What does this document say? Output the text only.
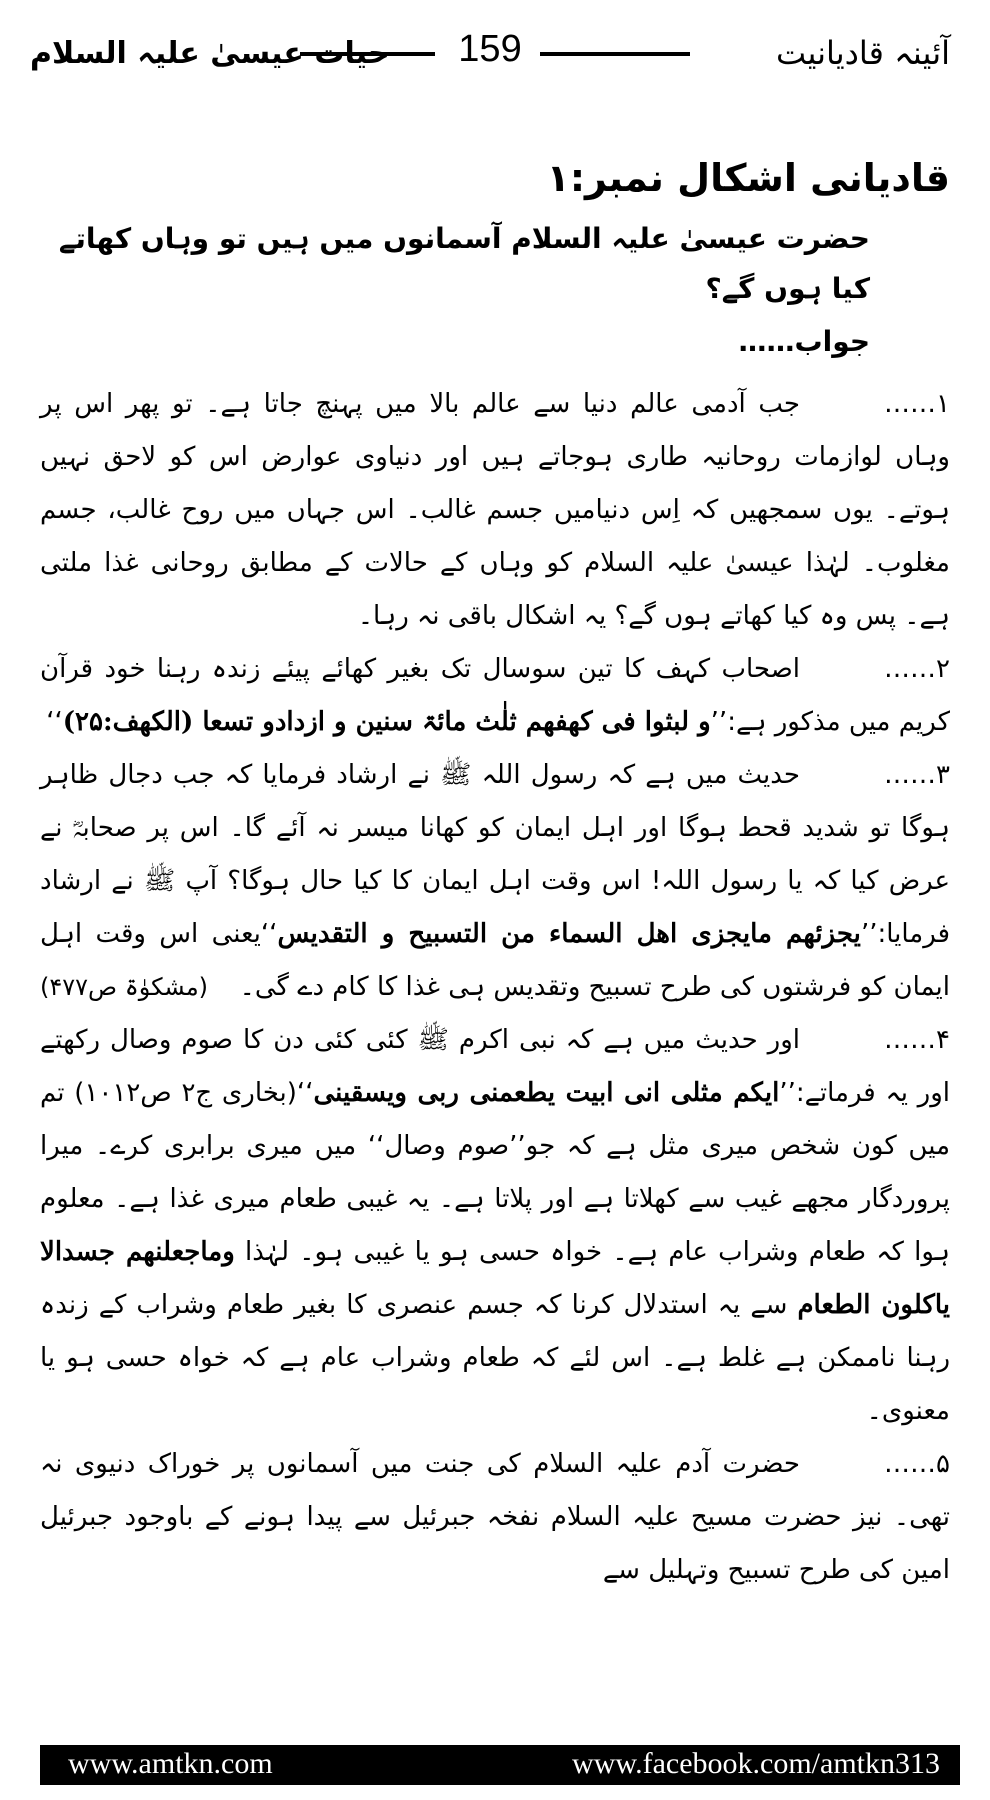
آئینہ قادیانیت
159
حیات عیسیٰ علیہ السلام
قادیانی اشکال نمبر:۱
حضرت عیسیٰ علیہ السلام آسمانوں میں ہیں تو وہاں کھاتے کیا ہوں گے؟
جواب……

۱……جب آدمی عالم دنیا سے عالم بالا میں پہنچ جاتا ہے۔ تو پھر اس پر وہاں لوازمات روحانیہ طاری ہوجاتے ہیں اور دنیاوی عوارض اس کو لاحق نہیں ہوتے۔ یوں سمجھیں کہ اِس دنیامیں جسم غالب۔ اس جہاں میں روح غالب، جسم مغلوب۔ لہٰذا عیسیٰ علیہ السلام کو وہاں کے حالات کے مطابق روحانی غذا ملتی ہے۔ پس وہ کیا کھاتے ہوں گے؟ یہ اشکال باقی نہ رہا۔

۲……اصحاب کہف کا تین سوسال تک بغیر کھائے پیئے زندہ رہنا خود قرآن کریم میں مذکور ہے:’’و لبثوا فی کھفھم ثلٰث مائۃ سنین و ازدادو تسعا (الکھف:۲۵)‘‘

۳……حدیث میں ہے کہ رسول اللہ ﷺ نے ارشاد فرمایا کہ جب دجال ظاہر ہوگا تو شدید قحط ہوگا اور اہل ایمان کو کھانا میسر نہ آئے گا۔ اس پر صحابہؓ نے عرض کیا کہ یا رسول اللہ! اس وقت اہل ایمان کا کیا حال ہوگا؟ آپ ﷺ نے ارشاد فرمایا:’’یجزئھم مایجزی اھل السماء من التسبیح و التقدیس‘‘یعنی اس وقت اہل ایمان کو فرشتوں کی طرح تسبیح وتقدیس ہی غذا کا کام دے گی۔
(مشکوٰۃ ص۴۷۷)

۴……اور حدیث میں ہے کہ نبی اکرم ﷺ کئی کئی دن کا صوم وصال رکھتے اور یہ فرماتے:’’ایکم مثلی انی ابیت یطعمنی ربی ویسقینی‘‘(بخاری ج۲ ص۱۰۱۲) تم میں کون شخص میری مثل ہے کہ جو’’صوم وصال‘‘ میں میری برابری کرے۔ میرا پروردگار مجھے غیب سے کھلاتا ہے اور پلاتا ہے۔ یہ غیبی طعام میری غذا ہے۔ معلوم ہوا کہ طعام وشراب عام ہے۔ خواہ حسی ہو یا غیبی ہو۔ لہٰذا وماجعلنھم جسدالا یاکلون الطعام سے یہ استدلال کرنا کہ جسم عنصری کا بغیر طعام وشراب کے زندہ رہنا ناممکن ہے غلط ہے۔ اس لئے کہ طعام وشراب عام ہے کہ خواہ حسی ہو یا معنوی۔

۵……حضرت آدم علیہ السلام کی جنت میں آسمانوں پر خوراک دنیوی نہ تھی۔ نیز حضرت مسیح علیہ السلام نفخہ جبرئیل سے پیدا ہونے کے باوجود جبرئیل امین کی طرح تسبیح وتہلیل سے

www.amtkn.com	www.facebook.com/amtkn313
